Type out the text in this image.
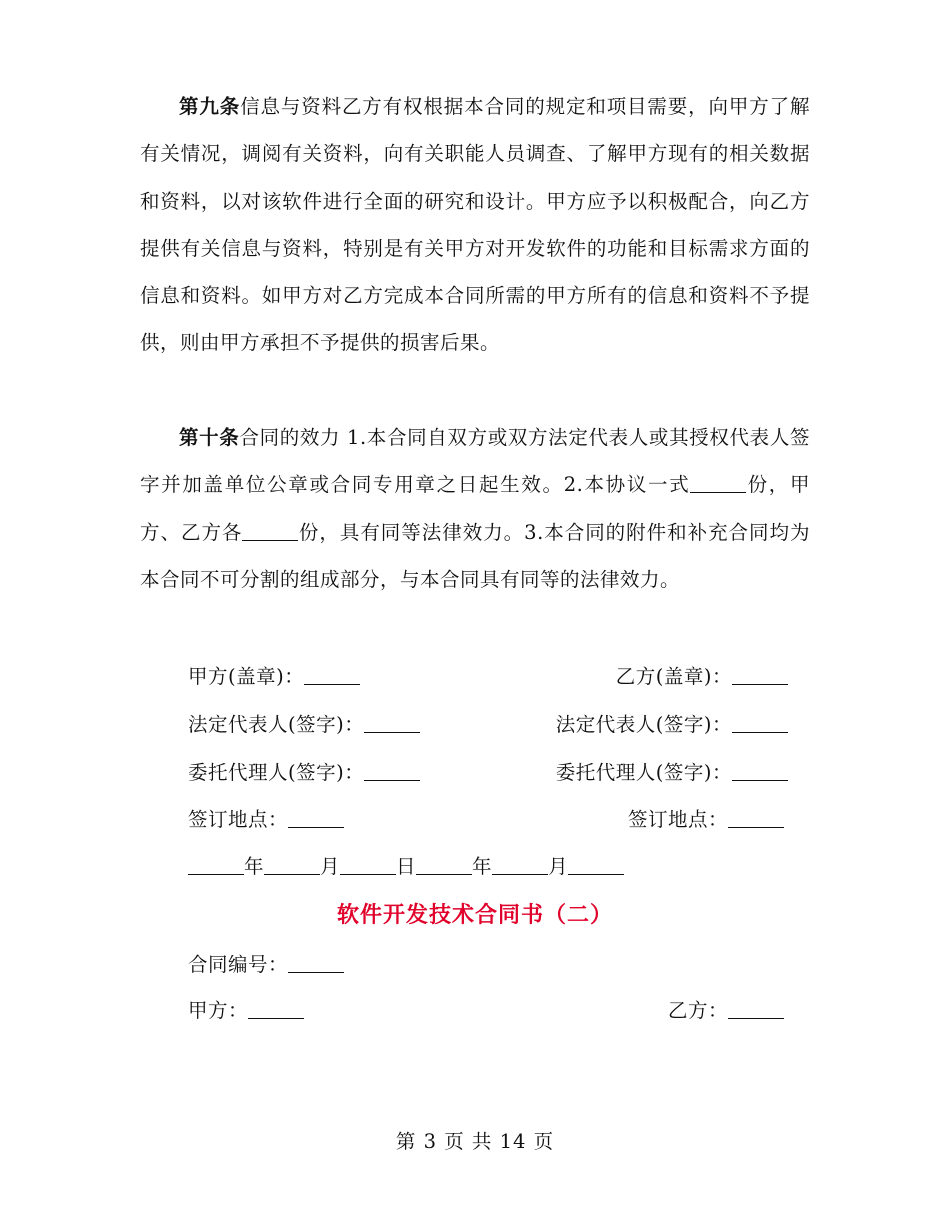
第九条信息与资料乙方有权根据本合同的规定和项目需要，向甲方了解有关情况，调阅有关资料，向有关职能人员调查、了解甲方现有的相关数据和资料，以对该软件进行全面的研究和设计。甲方应予以积极配合，向乙方提供有关信息与资料，特别是有关甲方对开发软件的功能和目标需求方面的信息和资料。如甲方对乙方完成本合同所需的甲方所有的信息和资料不予提供，则由甲方承担不予提供的损害后果。

第十条合同的效力 1.本合同自双方或双方法定代表人或其授权代表人签字并加盖单位公章或合同专用章之日起生效。2.本协议一式	份，甲方、乙方各	份，具有同等法律效力。3.本合同的附件和补充合同均为本合同不可分割的组成部分，与本合同具有同等的法律效力。

甲方(盖章)：	乙方(盖章)：
法定代表人(签字)：	法定代表人(签字)：
委托代理人(签字)：	委托代理人(签字)：
签订地点：	签订地点：
年	月	日	年	月
软件开发技术合同书（二）
合同编号：
甲方：	乙方：
第 3 页 共 14 页
